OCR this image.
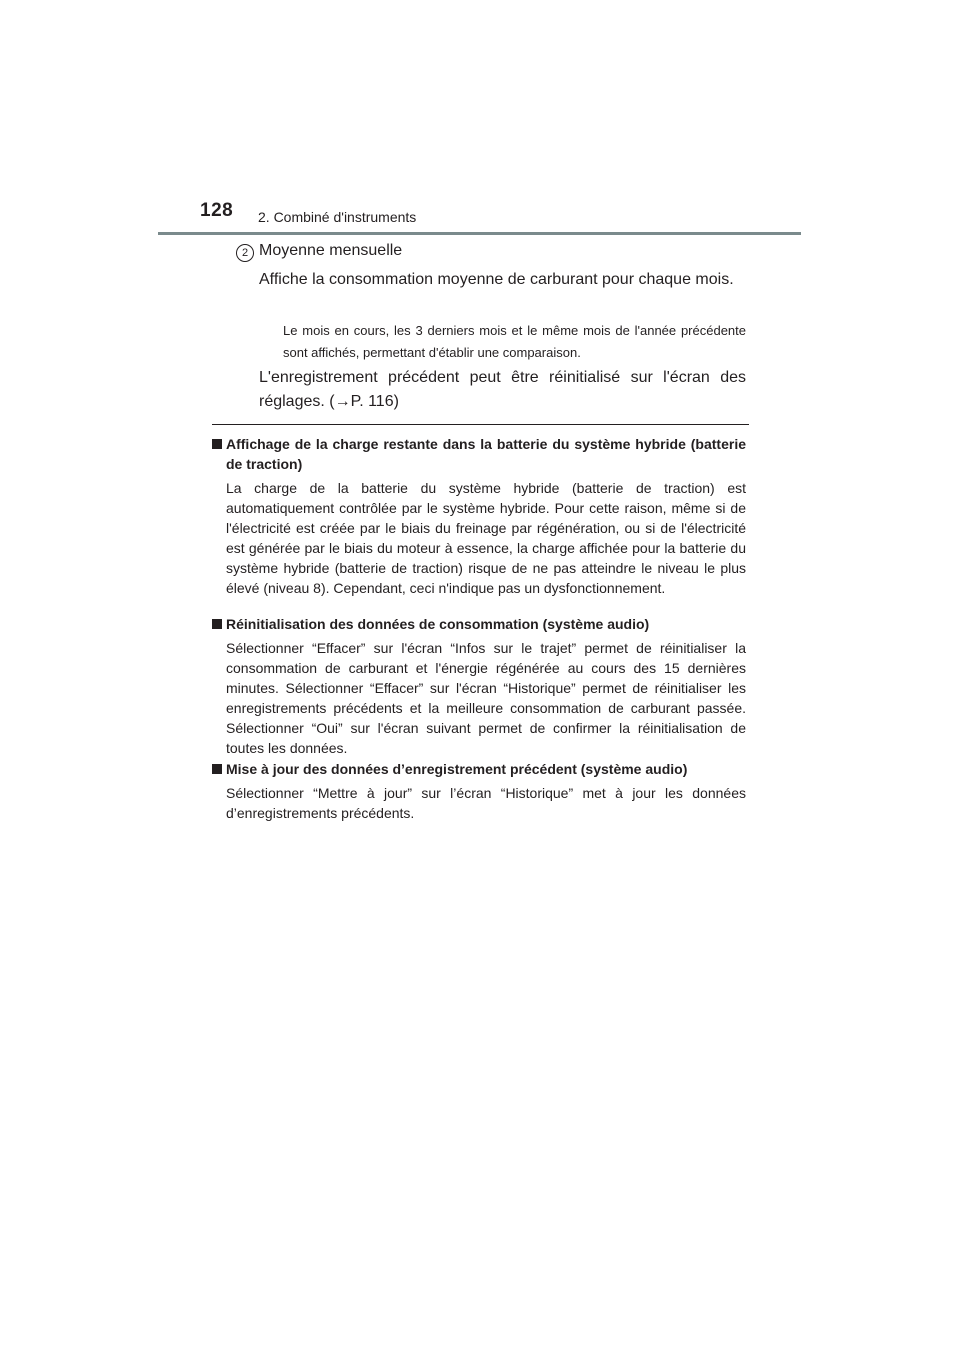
128 2. Combiné d'instruments
2 Moyenne mensuelle
Affiche la consommation moyenne de carburant pour chaque mois.
Le mois en cours, les 3 derniers mois et le même mois de l'année précédente sont affichés, permettant d'établir une comparaison.
L'enregistrement précédent peut être réinitialisé sur l'écran des réglages. (→P. 116)
Affichage de la charge restante dans la batterie du système hybride (batterie de traction)
La charge de la batterie du système hybride (batterie de traction) est automatiquement contrôlée par le système hybride. Pour cette raison, même si de l'électricité est créée par le biais du freinage par régénération, ou si de l'électricité est générée par le biais du moteur à essence, la charge affichée pour la batterie du système hybride (batterie de traction) risque de ne pas atteindre le niveau le plus élevé (niveau 8). Cependant, ceci n'indique pas un dysfonctionnement.
Réinitialisation des données de consommation (système audio)
Sélectionner “Effacer” sur l'écran “Infos sur le trajet” permet de réinitialiser la consommation de carburant et l'énergie régénérée au cours des 15 dernières minutes. Sélectionner “Effacer” sur l'écran “Historique” permet de réinitialiser les enregistrements précédents et la meilleure consommation de carburant passée. Sélectionner “Oui” sur l'écran suivant permet de confirmer la réinitialisation de toutes les données.
Mise à jour des données d’enregistrement précédent (système audio)
Sélectionner “Mettre à jour” sur l’écran “Historique” met à jour les données d’enregistrements précédents.
